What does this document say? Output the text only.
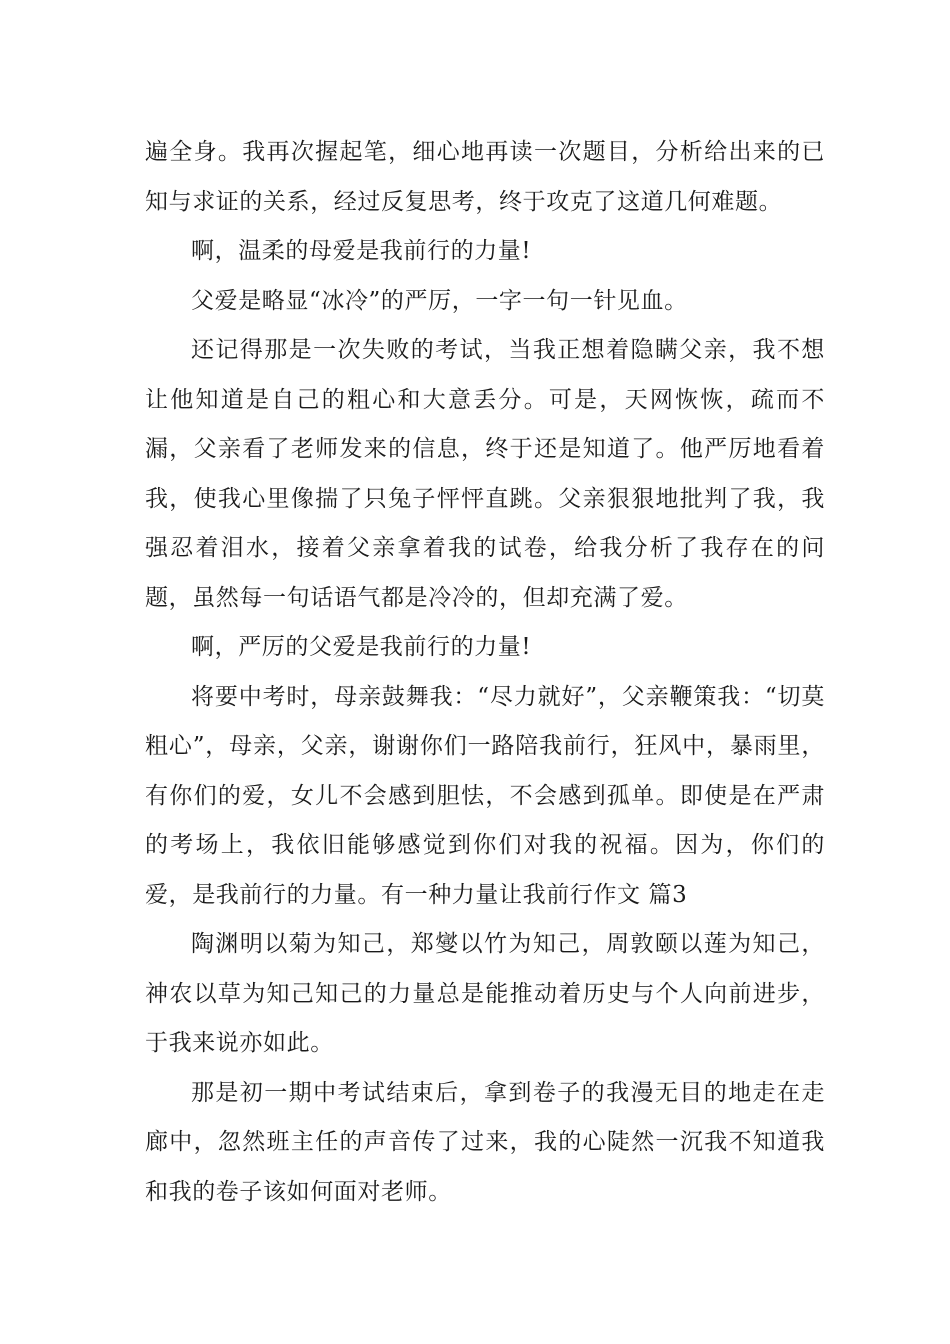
遍全身。我再次握起笔，细心地再读一次题目，分析给出来的已知与求证的关系，经过反复思考，终于攻克了这道几何难题。

啊，温柔的母爱是我前行的力量!

父爱是略显“冰冷”的严厉，一字一句一针见血。

还记得那是一次失败的考试，当我正想着隐瞒父亲，我不想让他知道是自己的粗心和大意丢分。可是，天网恢恢，疏而不漏，父亲看了老师发来的信息，终于还是知道了。他严厉地看着我，使我心里像揣了只兔子怦怦直跳。父亲狠狠地批判了我，我强忍着泪水，接着父亲拿着我的试卷，给我分析了我存在的问题，虽然每一句话语气都是冷冷的，但却充满了爱。

啊，严厉的父爱是我前行的力量!

将要中考时，母亲鼓舞我：“尽力就好”，父亲鞭策我：“切莫粗心”，母亲，父亲，谢谢你们一路陪我前行，狂风中，暴雨里，有你们的爱，女儿不会感到胆怯，不会感到孤单。即使是在严肃的考场上，我依旧能够感觉到你们对我的祝福。因为，你们的爱，是我前行的力量。有一种力量让我前行作文 篇3

陶渊明以菊为知己，郑燮以竹为知己，周敦颐以莲为知己，神农以草为知己知己的力量总是能推动着历史与个人向前进步，于我来说亦如此。

那是初一期中考试结束后，拿到卷子的我漫无目的地走在走廊中，忽然班主任的声音传了过来，我的心陡然一沉我不知道我和我的卷子该如何面对老师。
